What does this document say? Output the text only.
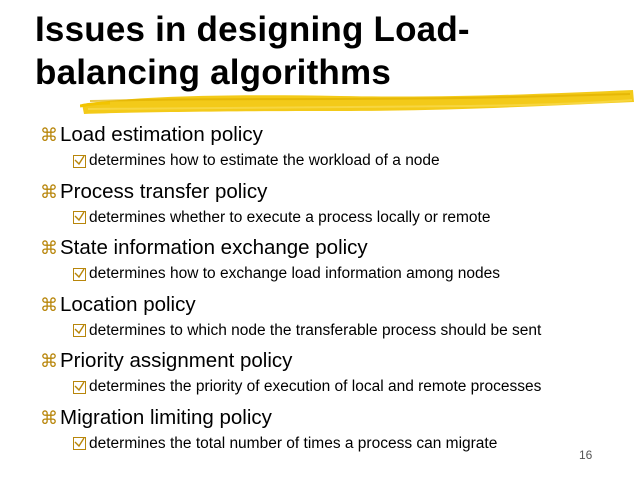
Issues in designing Load-
balancing algorithms
⌘ Load estimation policy
determines how to estimate the workload of a node
⌘ Process transfer policy
determines whether to execute a process locally or remote
⌘ State information exchange policy
determines how to exchange load information among nodes
⌘ Location policy
determines to which node the transferable process should be sent
⌘ Priority assignment policy
determines the priority of execution of local and remote processes
⌘ Migration limiting policy
determines the total number of times a process can migrate
16
